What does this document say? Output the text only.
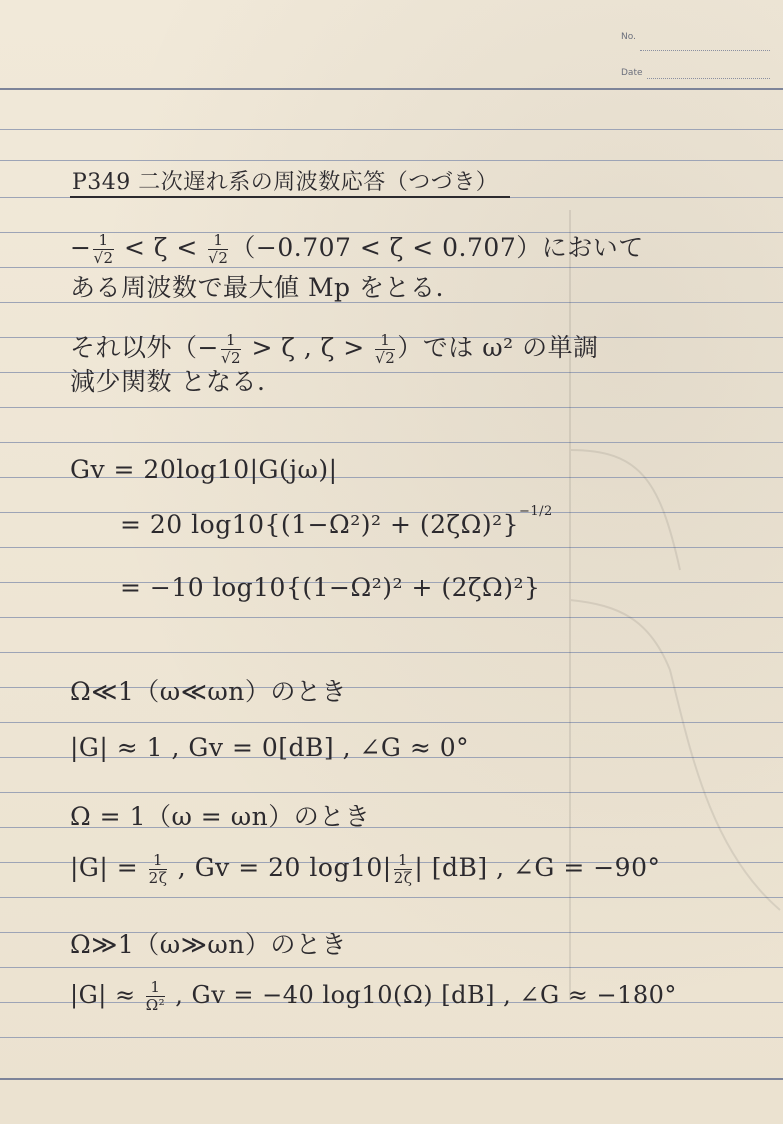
No.
Date
P349 二次遅れ系の周波数応答（つづき）
− $\frac{1}{√2} < \zeta < \frac{1}{√2} (-0.707 < \zeta < 0.707)$において
ある周波数で最大値 Mp をとる.
それ以外（− $\frac{1}{√2} > \zeta$ , $\zeta > \frac{1}{√2}$ ）では ω² の単調
減少関数 となる.
Gv = 20log10|G(jω)|
= 20 log10{(1−Ω²)² + (2ζΩ)²}−1/2
= −10 log10{(1−Ω²)² + (2ζΩ)²}
Ω≪1（ω≪ωn）のとき
|G| ≈ 1 , Gv = 0[dB] , ∠G ≈ 0°
Ω = 1（ω = ωn）のとき
$|G| = \frac{1}{2\zeta}$ , Gv = 20 $\log 10| \frac{1}{2\zeta}$ | [dB] , ∠G = −90°
Ω≫1（ω≫ωn）のとき
$|G| \approx \frac{1}{\text{Ω²}}$ , Gv = −40 log10(Ω) [dB] , ∠G ≈ −180°
